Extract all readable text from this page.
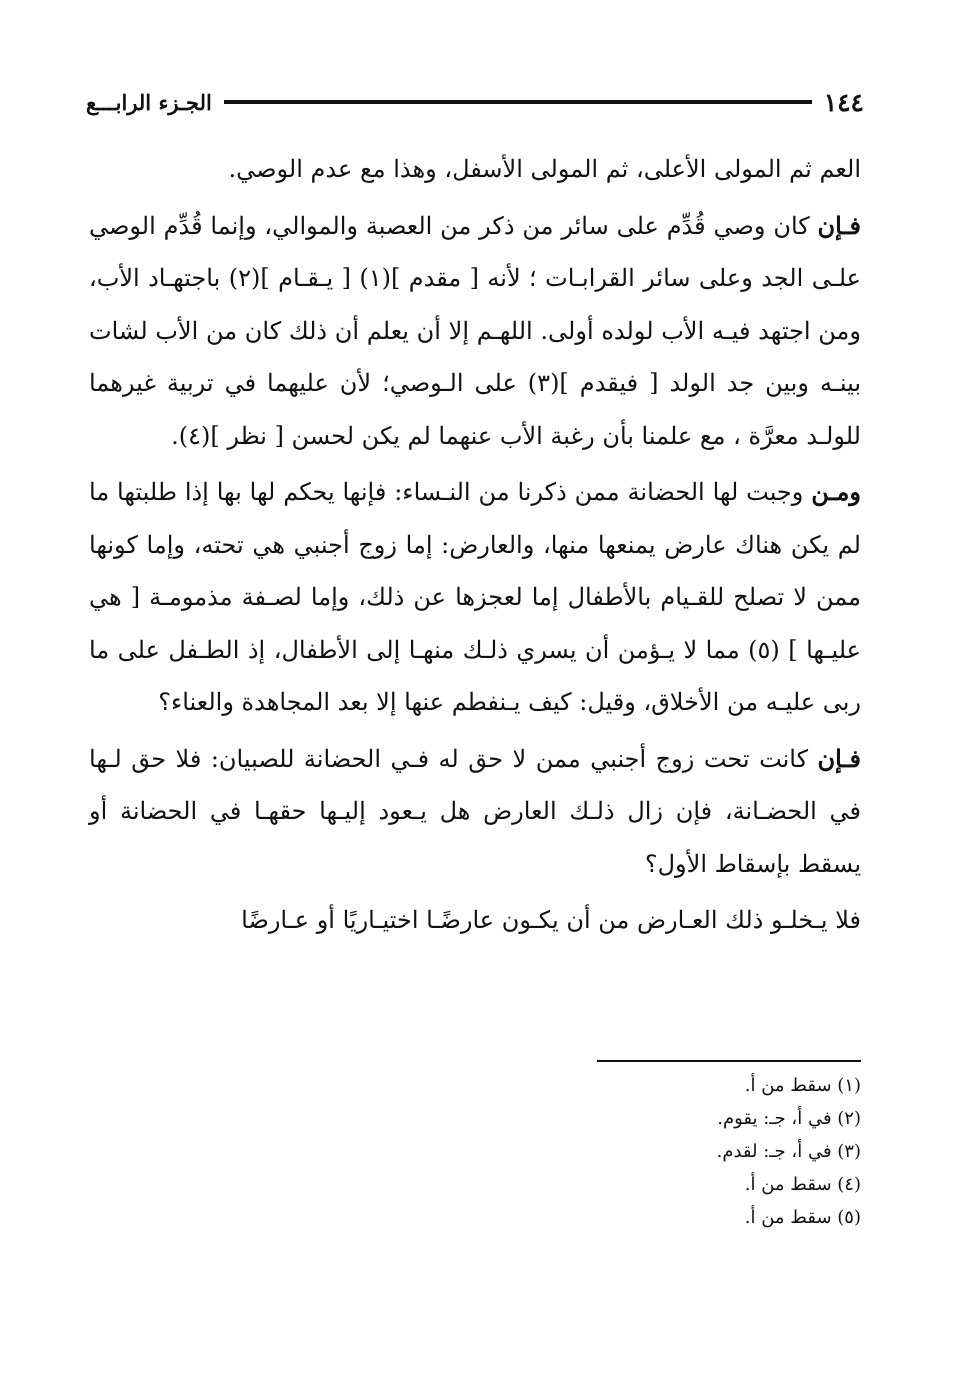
١٤٤
الجـزء الرابـــع

العم ثم المولى الأعلى، ثم المولى الأسفل، وهذا مع عدم الوصي.

فـإن كان وصي قُدِّم على سائر من ذكر من العصبة والموالي، وإنما قُدِّم الوصي علـى الجد وعلى سائر القرابـات ؛ لأنه [ مقدم ](١) [ يـقـام ](٢) باجتهـاد الأب، ومن اجتهد فيـه الأب لولده أولى. اللهـم إلا أن يعلم أن ذلك كان من الأب لشات بينـه وبين جد الولد [ فيقدم ](٣) على الـوصي؛ لأن عليهما في تربية غيرهما للولـد معرَّة ، مع علمنا بأن رغبة الأب عنهما لم يكن لحسن [ نظر ](٤).

ومـن وجبت لها الحضانة ممن ذكرنا من النـساء: فإنها يحكم لها بها إذا طلبتها ما لم يكن هناك عارض يمنعها منها، والعارض: إما زوج أجنبي هي تحته، وإما كونها ممن لا تصلح للقـيام بالأطفال إما لعجزها عن ذلك، وإما لصـفة مذمومـة [ هي عليـها ] (٥) مما لا يـؤمن أن يسري ذلـك منهـا إلى الأطفال، إذ الطـفل على ما ربى عليـه من الأخلاق، وقيل: كيف يـنفطم عنها إلا بعد المجاهدة والعناء؟

فـإن كانت تحت زوج أجنبي ممن لا حق له فـي الحضانة للصبيان: فلا حق لـها في الحضـانة، فإن زال ذلـك العارض هل يـعود إليـها حقهـا في الحضانة أو يسقط بإسقاط الأول؟

فلا يـخلـو ذلك العـارض من أن يكـون عارضًـا اختيـاريًا أو عـارضًا

(١) سقط من أ.
(٢) في أ، جـ: يقوم.
(٣) في أ، جـ: لقدم.
(٤) سقط من أ.
(٥) سقط من أ.
